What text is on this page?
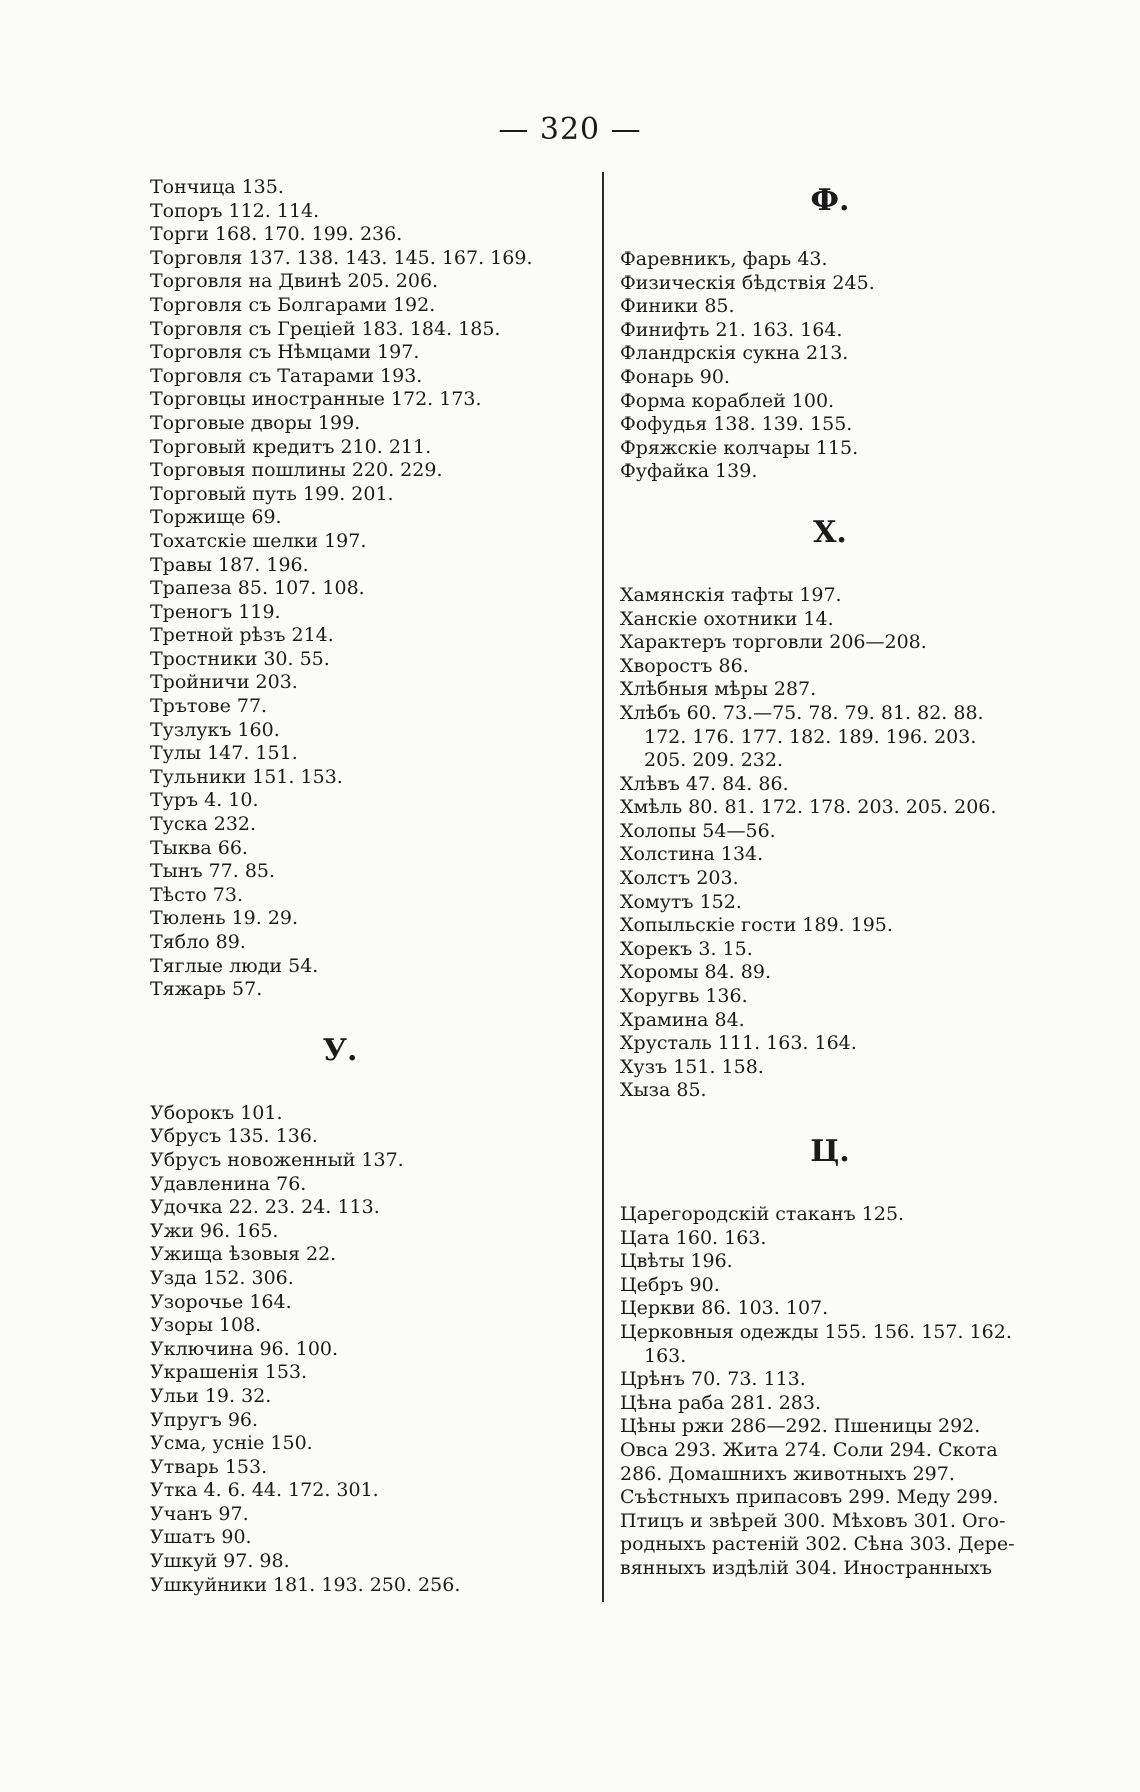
— 320 —
Тончица 135.
Топоръ 112. 114.
Торги 168. 170. 199. 236.
Торговля 137. 138. 143. 145. 167. 169.
Торговля на Двинѣ 205. 206.
Торговля съ Болгарами 192.
Торговля съ Греціей 183. 184. 185.
Торговля съ Нѣмцами 197.
Торговля съ Татарами 193.
Торговцы иностранные 172. 173.
Торговые дворы 199.
Торговый кредитъ 210. 211.
Торговыя пошлины 220. 229.
Торговый путь 199. 201.
Торжище 69.
Тохатскіе шелки 197.
Травы 187. 196.
Трапеза 85. 107. 108.
Треногъ 119.
Третной рѣзъ 214.
Тростники 30. 55.
Тройничи 203.
Трътове 77.
Тузлукъ 160.
Тулы 147. 151.
Тульники 151. 153.
Туръ 4. 10.
Туска 232.
Тыква 66.
Тынъ 77. 85.
Тѣсто 73.
Тюлень 19. 29.
Тябло 89.
Тяглые люди 54.
Тяжарь 57.
У.
Уборокъ 101.
Убрусъ 135. 136.
Убрусъ новоженный 137.
Удавленина 76.
Удочка 22. 23. 24. 113.
Ужи 96. 165.
Ужища ѣзовыя 22.
Узда 152. 306.
Узорочье 164.
Узоры 108.
Уключина 96. 100.
Украшенія 153.
Ульи 19. 32.
Упругъ 96.
Усма, усніе 150.
Утварь 153.
Утка 4. 6. 44. 172. 301.
Учанъ 97.
Ушатъ 90.
Ушкуй 97. 98.
Ушкуйники 181. 193. 250. 256.
Ф.
Фаревникъ, фарь 43.
Физическія бѣдствія 245.
Финики 85.
Финифть 21. 163. 164.
Фландрскія сукна 213.
Фонарь 90.
Форма кораблей 100.
Фофудья 138. 139. 155.
Фряжскіе колчары 115.
Фуфайка 139.
Х.
Хамянскія тафты 197.
Ханскіе охотники 14.
Характеръ торговли 206—208.
Хворостъ 86.
Хлѣбныя мѣры 287.
Хлѣбъ 60. 73.—75. 78. 79. 81. 82. 88.
172. 176. 177. 182. 189. 196. 203.
205. 209. 232.
Хлѣвъ 47. 84. 86.
Хмѣль 80. 81. 172. 178. 203. 205. 206.
Холопы 54—56.
Холстина 134.
Холстъ 203.
Хомутъ 152.
Хопыльскіе гости 189. 195.
Хорекъ 3. 15.
Хоромы 84. 89.
Хоругвь 136.
Храмина 84.
Хрусталь 111. 163. 164.
Хузъ 151. 158.
Хыза 85.
Ц.
Царегородскій стаканъ 125.
Цата 160. 163.
Цвѣты 196.
Цебръ 90.
Церкви 86. 103. 107.
Церковныя одежды 155. 156. 157. 162.
163.
Црѣнъ 70. 73. 113.
Цѣна раба 281. 283.
Цѣны ржи 286—292. Пшеницы 292.
Овса 293. Жита 274. Соли 294. Скота
286. Домашнихъ животныхъ 297.
Съѣстныхъ припасовъ 299. Меду 299.
Птицъ и звѣрей 300. Мѣховъ 301. Ого-
родныхъ растеній 302. Сѣна 303. Дере-
вянныхъ издѣлій 304. Иностранныхъ
